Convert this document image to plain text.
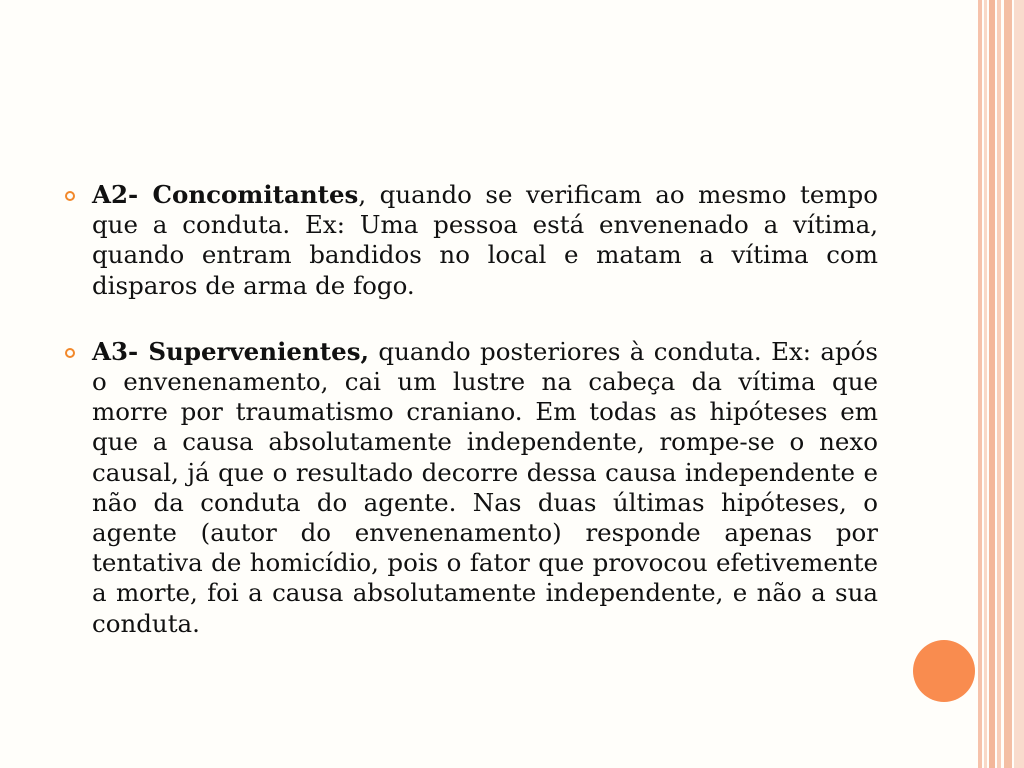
A2- Concomitantes, quando se verificam ao mesmo tempo que a conduta. Ex: Uma pessoa está envenenado a vítima, quando entram bandidos no local e matam a vítima com disparos de arma de fogo.

A3- Supervenientes, quando posteriores à conduta. Ex: após o envenenamento, cai um lustre na cabeça da vítima que morre por traumatismo craniano. Em todas as hipóteses em que a causa absolutamente independente, rompe-se o nexo causal, já que o resultado decorre dessa causa independente e não da conduta do agente. Nas duas últimas hipóteses, o agente (autor do envenenamento) responde apenas por tentativa de homicídio, pois o fator que provocou efetivemente a morte, foi a causa absolutamente independente, e não a sua conduta.
